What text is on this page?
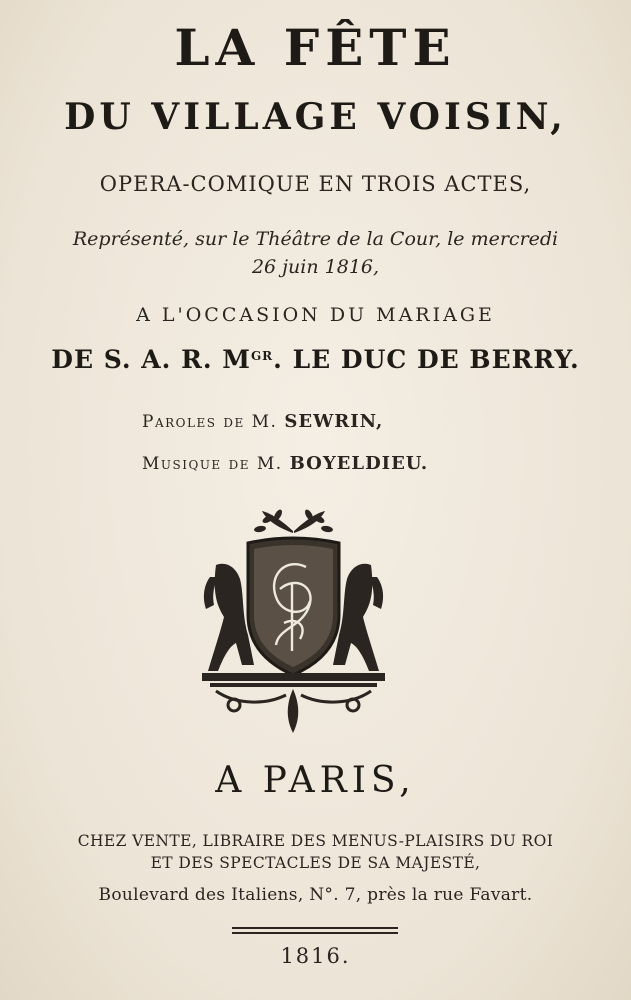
LA FÊTE
DU VILLAGE VOISIN,
OPERA-COMIQUE EN TROIS ACTES,
Représenté, sur le Théâtre de la Cour, le mercredi
26 juin 1816,
A L'OCCASION DU MARIAGE
DE S. A. R. $M^{GR}$. LE DUC DE BERRY.
Paroles de M. SEWRIN,
Musique de M. BOYELDIEU.
A PARIS,
CHEZ VENTE, LIBRAIRE DES MENUS-PLAISIRS DU ROI
ET DES SPECTACLES DE SA MAJESTÉ,
Boulevard des Italiens, N°. 7, près la rue Favart.
1816.
